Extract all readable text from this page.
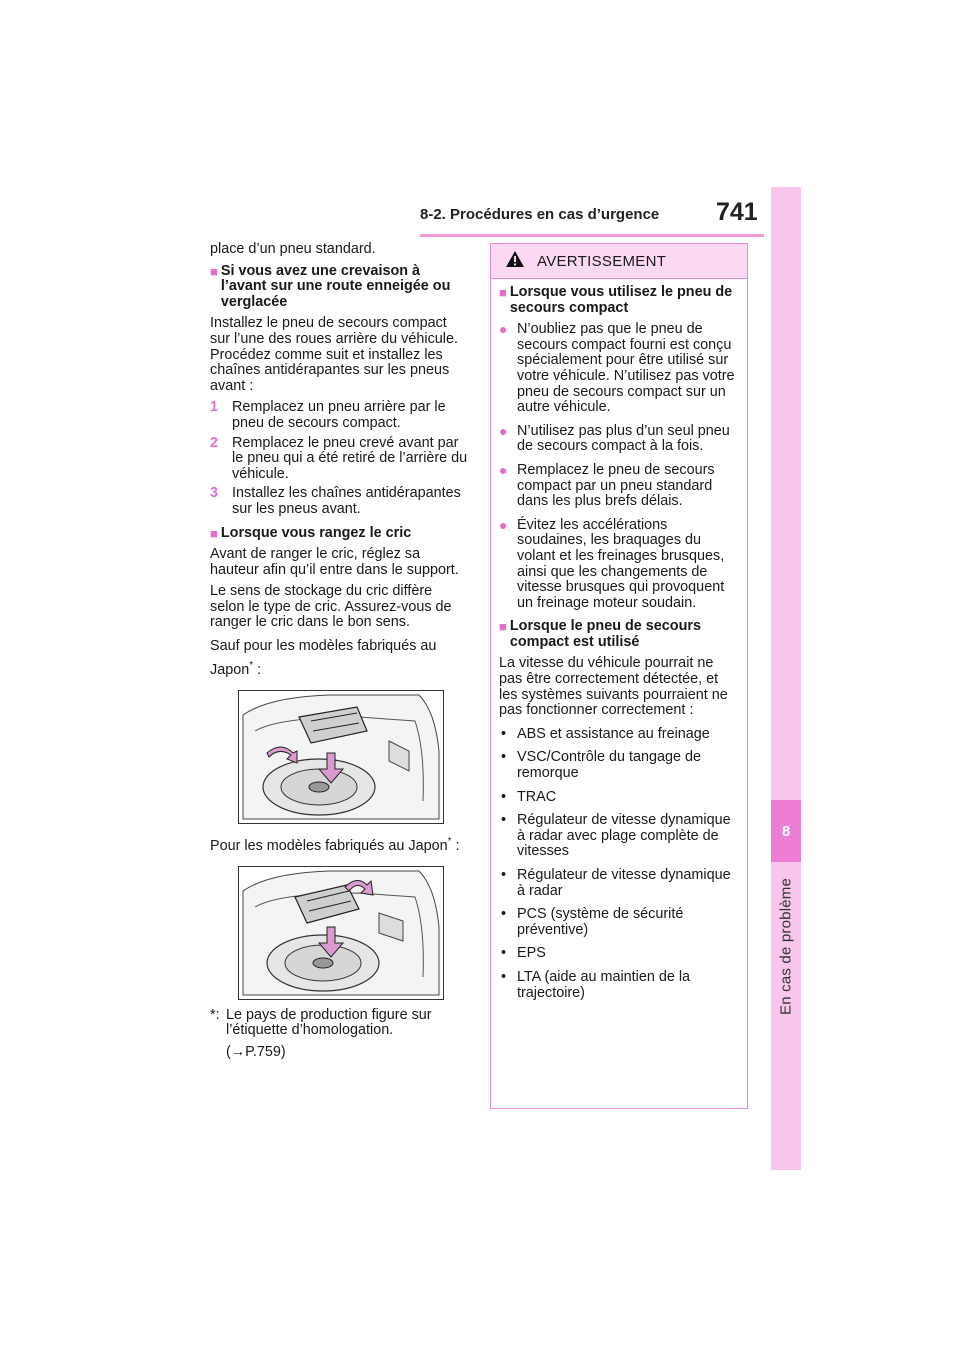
8-2. Procédures en cas d’urgence 741
8
En cas de problème

place d’un pneu standard.

■ Si vous avez une crevaison à l’avant sur une route enneigée ou verglacée

Installez le pneu de secours compact sur l’une des roues arrière du véhicule. Procédez comme suit et installez les chaînes antidérapantes sur les pneus avant :

1 Remplacez un pneu arrière par le pneu de secours compact.
2 Remplacez le pneu crevé avant par le pneu qui a été retiré de l’arrière du véhicule.
3 Installez les chaînes antidérapantes sur les pneus avant.
■ Lorsque vous rangez le cric

Avant de ranger le cric, réglez sa hauteur afin qu’il entre dans le support.

Le sens de stockage du cric diffère selon le type de cric. Assurez-vous de ranger le cric dans le bon sens.

Sauf pour les modèles fabriqués au Japon* :

Pour les modèles fabriqués au Japon* :

*: Le pays de production figure sur l’étiquette d’homologation.
(→P.759)
AVERTISSEMENT
■ Lorsque vous utilisez le pneu de secours compact
● N’oubliez pas que le pneu de secours compact fourni est conçu spécialement pour être utilisé sur votre véhicule. N’utilisez pas votre pneu de secours compact sur un autre véhicule.
● N’utilisez pas plus d’un seul pneu de secours compact à la fois.
● Remplacez le pneu de secours compact par un pneu standard dans les plus brefs délais.
● Évitez les accélérations soudaines, les braquages du volant et les freinages brusques, ainsi que les changements de vitesse brusques qui provoquent un freinage moteur soudain.
■ Lorsque le pneu de secours compact est utilisé

La vitesse du véhicule pourrait ne pas être correctement détectée, et les systèmes suivants pourraient ne pas fonctionner correctement :

• ABS et assistance au freinage
• VSC/Contrôle du tangage de remorque
• TRAC
• Régulateur de vitesse dynamique à radar avec plage complète de vitesses
• Régulateur de vitesse dynamique à radar
• PCS (système de sécurité préventive)
• EPS
• LTA (aide au maintien de la trajectoire)
